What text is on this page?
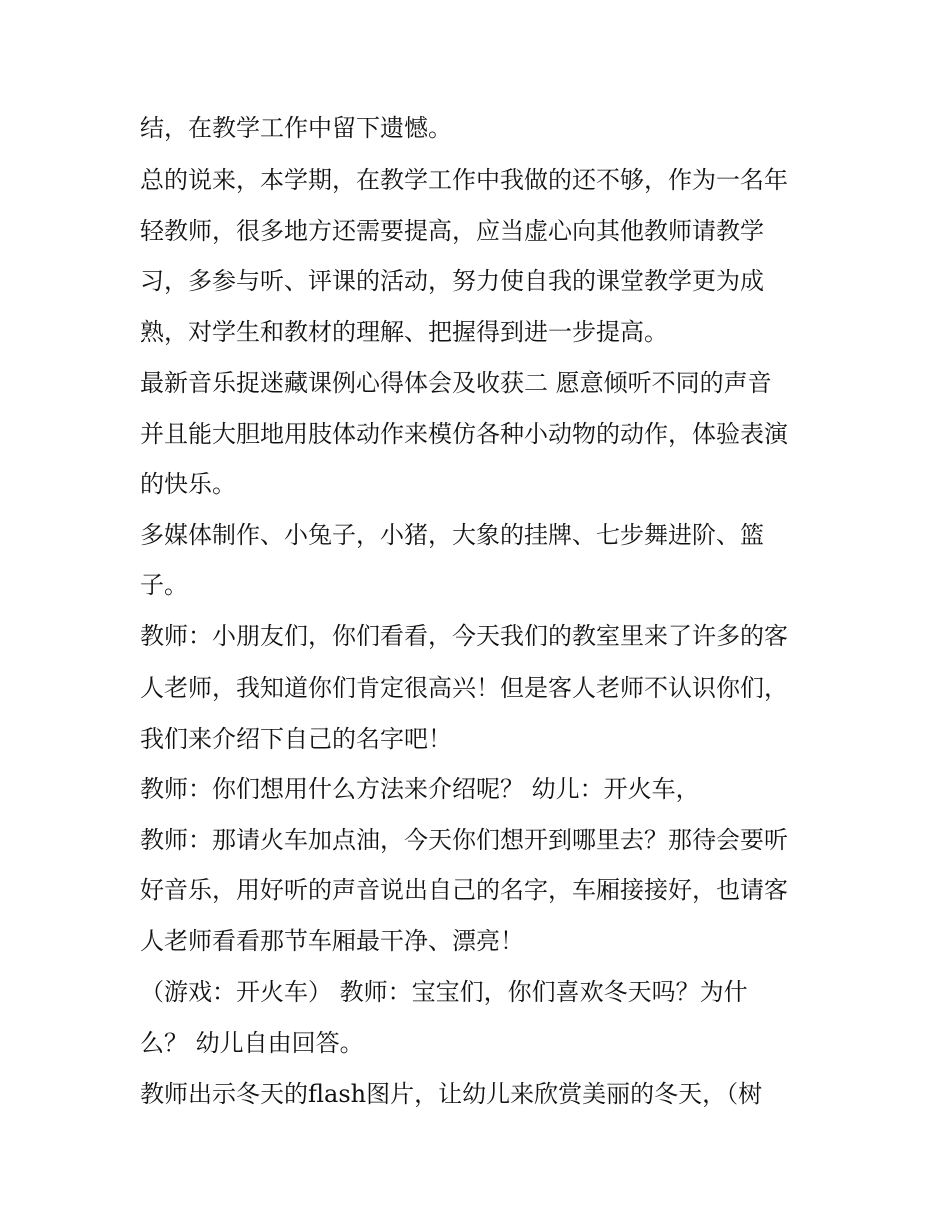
结，在教学工作中留下遗憾。
总的说来，本学期，在教学工作中我做的还不够，作为一名年
轻教师，很多地方还需要提高，应当虚心向其他教师请教学
习，多参与听、评课的活动，努力使自我的课堂教学更为成
熟，对学生和教材的理解、把握得到进一步提高。
最新音乐捉迷藏课例心得体会及收获二 愿意倾听不同的声音
并且能大胆地用肢体动作来模仿各种小动物的动作，体验表演
的快乐。
多媒体制作、小兔子，小猪，大象的挂牌、七步舞进阶、篮
子。
教师：小朋友们，你们看看，今天我们的教室里来了许多的客
人老师，我知道你们肯定很高兴！但是客人老师不认识你们，
我们来介绍下自己的名字吧！
教师：你们想用什么方法来介绍呢？ 幼儿：开火车，
教师：那请火车加点油，今天你们想开到哪里去？那待会要听
好音乐，用好听的声音说出自己的名字，车厢接接好，也请客
人老师看看那节车厢最干净、漂亮！
（游戏：开火车） 教师：宝宝们，你们喜欢冬天吗？为什
么？ 幼儿自由回答。
教师出示冬天的flash图片，让幼儿来欣赏美丽的冬天，（树
